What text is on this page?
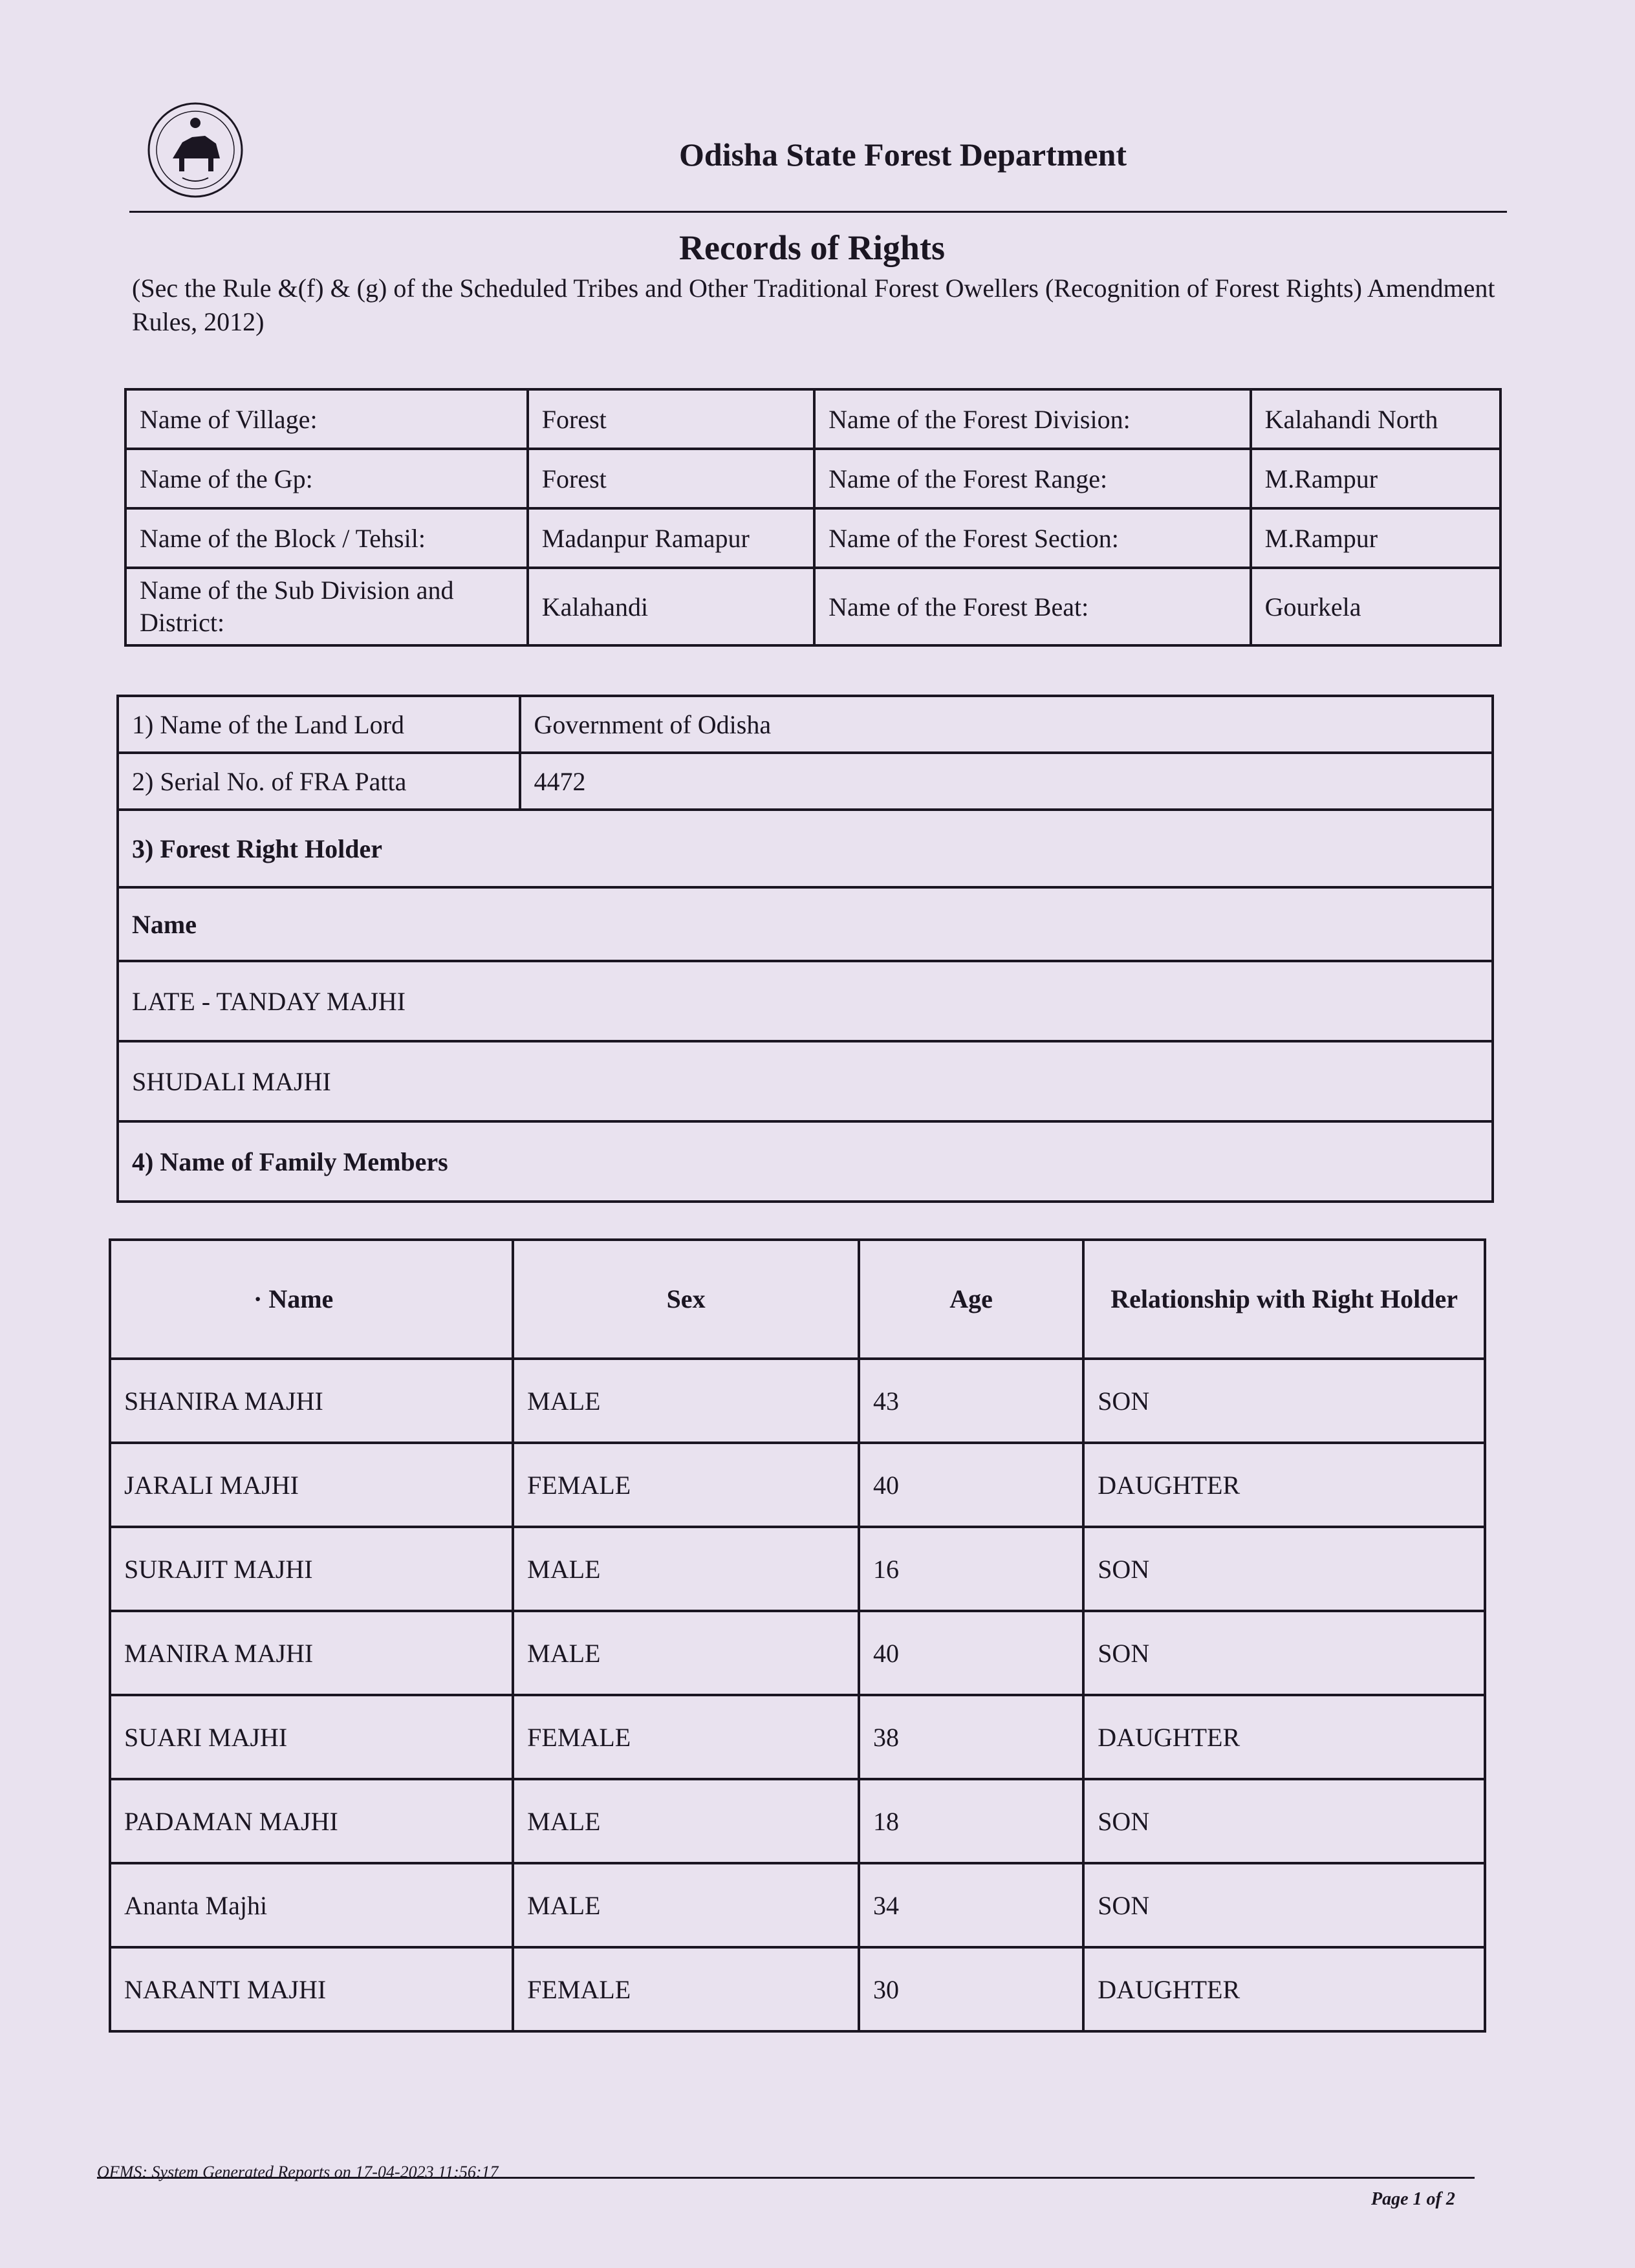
Odisha State Forest Department
Records of Rights
(Sec the Rule &(f) & (g) of the Scheduled Tribes and Other Traditional Forest Owellers (Recognition of Forest Rights) Amendment Rules, 2012)
Name of Village:	Forest	Name of the Forest Division:	Kalahandi North
Name of the Gp:	Forest	Name of the Forest Range:	M.Rampur
Name of the Block / Tehsil:	Madanpur Ramapur	Name of the Forest Section:	M.Rampur
Name of the Sub Division and District:	Kalahandi	Name of the Forest Beat:	Gourkela
1) Name of the Land Lord	Government of Odisha
2) Serial No. of FRA Patta	4472
3) Forest Right Holder	
Name	
LATE - TANDAY MAJHI	
SHUDALI MAJHI	
4) Name of Family Members	
· Name	Sex	Age	Relationship with Right Holder
SHANIRA MAJHI	MALE	43	SON
JARALI MAJHI	FEMALE	40	DAUGHTER
SURAJIT MAJHI	MALE	16	SON
MANIRA MAJHI	MALE	40	SON
SUARI MAJHI	FEMALE	38	DAUGHTER
PADAMAN MAJHI	MALE	18	SON
Ananta Majhi	MALE	34	SON
NARANTI MAJHI	FEMALE	30	DAUGHTER
OFMS: System Generated Reports on 17-04-2023 11:56:17
Page 1 of 2
